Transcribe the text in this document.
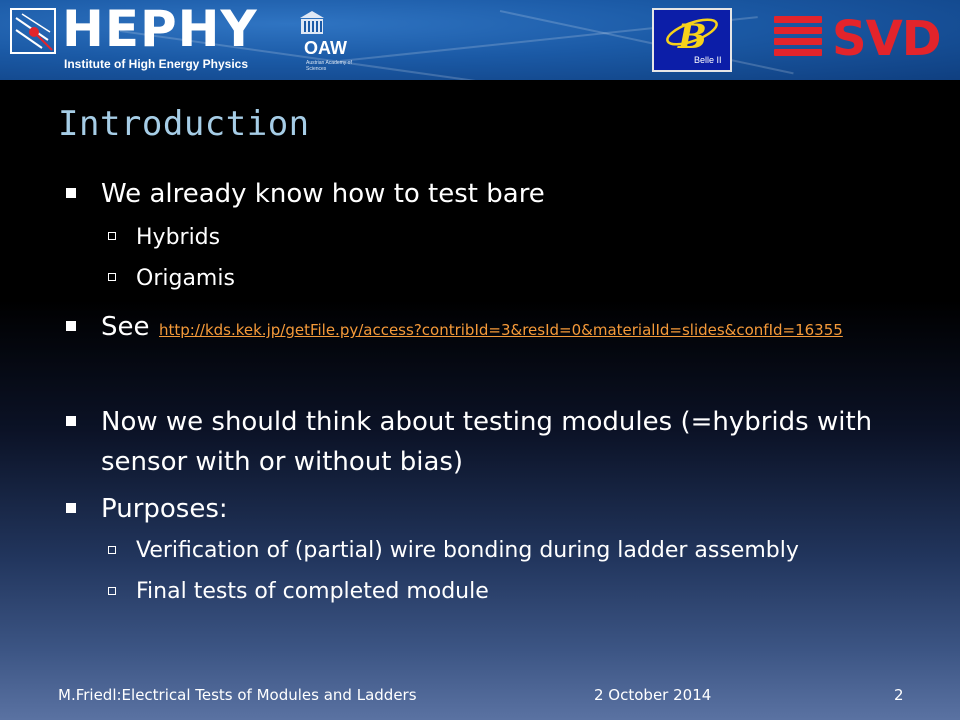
HEPHY
Institute of High Energy Physics
OAW
Austrian Academy of Sciences
B
Belle II SVD
Introduction
We already know how to test bare
Hybrids
Origamis
See http://kds.kek.jp/getFile.py/access?contribId=3&resId=0&materialId=slides&confId=16355
Now we should think about testing modules (=hybrids with sensor with or without bias)
Purposes:
Verification of (partial) wire bonding during ladder assembly
Final tests of completed module
M.Friedl:Electrical Tests of Modules and Ladders	2 October 2014	2
